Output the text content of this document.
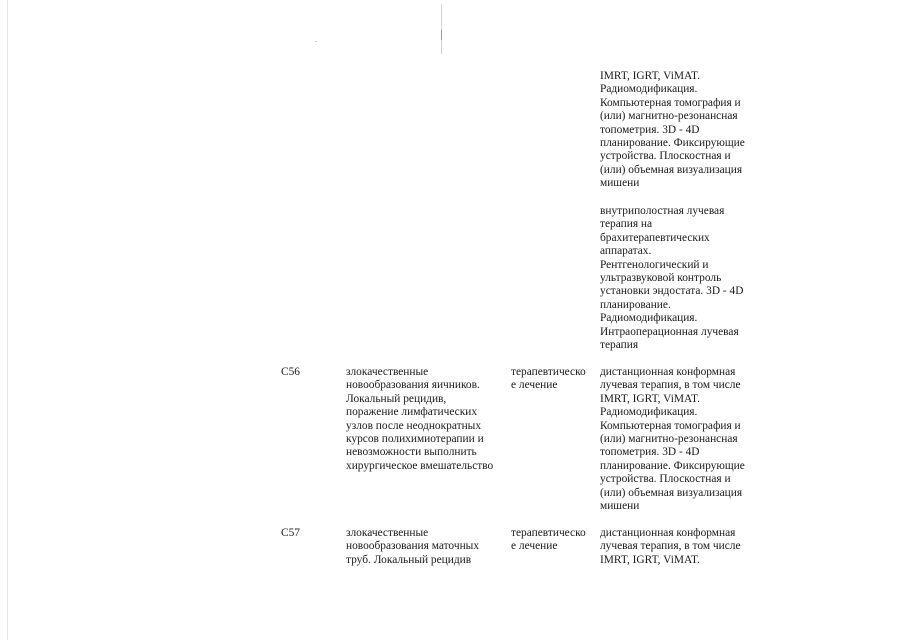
IMRT, IGRT, ViMAT.
Радиомодификация.
Компьютерная томография и
(или) магнитно-резонансная
топометрия. 3D - 4D
планирование. Фиксирующие
устройства. Плоскостная и
(или) объемная визуализация
мишени
внутриполостная лучевая
терапия на
брахитерапевтических
аппаратах.
Рентгенологический и
ультразвуковой контроль
установки эндостата. 3D - 4D
планирование.
Радиомодификация.
Интраоперационная лучевая
терапия
C56	злокачественные
новообразования яичников.
Локальный рецидив,
поражение лимфатических
узлов после неоднократных
курсов полихимиотерапии и
невозможности выполнить
хирургическое вмешательство
терапевтическо
е лечение
дистанционная конформная
лучевая терапия, в том числе
IMRT, IGRT, ViMAT.
Радиомодификация.
Компьютерная томография и
(или) магнитно-резонансная
топометрия. 3D - 4D
планирование. Фиксирующие
устройства. Плоскостная и
(или) объемная визуализация
мишени
C57	злокачественные
новообразования маточных
труб. Локальный рецидив
терапевтическо
е лечение
дистанционная конформная
лучевая терапия, в том числе
IMRT, IGRT, ViMAT.
